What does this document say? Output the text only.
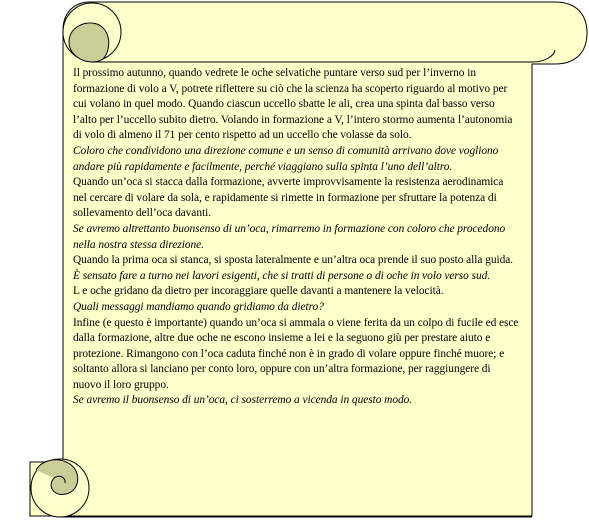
Il prossimo autunno, quando vedrete le oche selvatiche puntare verso sud per l’inverno in formazione di volo a V, potrete riflettere su ciò che la scienza ha scoperto riguardo al motivo per cui volano in quel modo. Quando ciascun uccello sbatte le ali, crea una spinta dal basso verso l’alto per l’uccello subito dietro. Volando in formazione a V, l’intero stormo aumenta l’autonomia di volo di almeno il 71 per cento rispetto ad un uccello che volasse da solo.

Coloro che condividono una direzione comune e un senso di comunità arrivano dove vogliono andare più rapidamente e facilmente, perché viaggiano sulla spinta l’uno dell’altro.

Quando un’oca si stacca dalla formazione, avverte improvvisamente la resistenza aerodinamica nel cercare di volare da sola, e rapidamente si rimette in formazione per sfruttare la potenza di sollevamento dell’oca davanti.

Se avremo altrettanto buonsenso di un’oca, rimarremo in formazione con coloro che procedono nella nostra stessa direzione.

Quando la prima oca si stanca, si sposta lateralmente e un’altra oca prende il suo posto alla guida.

È sensato fare a turno nei lavori esigenti, che si tratti di persone o di oche in volo verso sud.

L e oche gridano da dietro per incoraggiare quelle davanti a mantenere la velocità.

Quali messaggi mandiamo quando gridiamo da dietro?

Infine (e questo è importante) quando un’oca si ammala o viene ferita da un colpo di fucile ed esce dalla formazione, altre due oche ne escono insieme a lei e la seguono giù per prestare aiuto e protezione. Rimangono con l’oca caduta finché non è in grado di volare oppure finché muore; e soltanto allora si lanciano per conto loro, oppure con un’altra formazione, per raggiungere di nuovo il loro gruppo.

Se avremo il buonsenso di un’oca, ci sosterremo a vicenda in questo modo.
